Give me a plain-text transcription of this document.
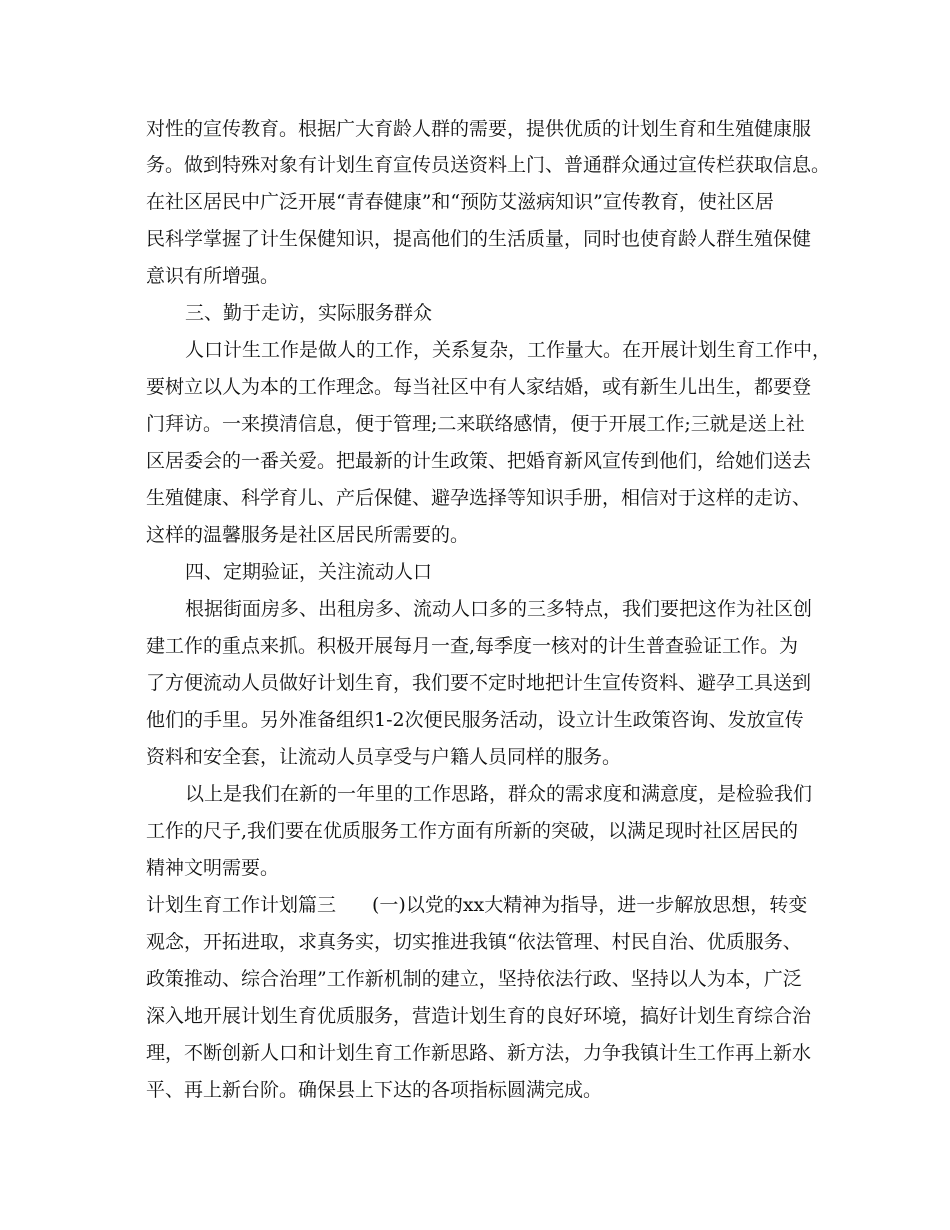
对性的宣传教育。根据广大育龄人群的需要，提供优质的计划生育和生殖健康服
务。做到特殊对象有计划生育宣传员送资料上门、普通群众通过宣传栏获取信息。
在社区居民中广泛开展“青春健康”和“预防艾滋病知识”宣传教育，使社区居
民科学掌握了计生保健知识，提高他们的生活质量，同时也使育龄人群生殖保健
意识有所增强。
三、勤于走访，实际服务群众
人口计生工作是做人的工作，关系复杂，工作量大。在开展计划生育工作中，
要树立以人为本的工作理念。每当社区中有人家结婚，或有新生儿出生，都要登
门拜访。一来摸清信息，便于管理;二来联络感情，便于开展工作;三就是送上社
区居委会的一番关爱。把最新的计生政策、把婚育新风宣传到他们，给她们送去
生殖健康、科学育儿、产后保健、避孕选择等知识手册，相信对于这样的走访、
这样的温馨服务是社区居民所需要的。
四、定期验证，关注流动人口
根据街面房多、出租房多、流动人口多的三多特点，我们要把这作为社区创
建工作的重点来抓。积极开展每月一查,每季度一核对的计生普查验证工作。为
了方便流动人员做好计划生育，我们要不定时地把计生宣传资料、避孕工具送到
他们的手里。另外准备组织1-2次便民服务活动，设立计生政策咨询、发放宣传
资料和安全套，让流动人员享受与户籍人员同样的服务。
以上是我们在新的一年里的工作思路，群众的需求度和满意度，是检验我们
工作的尺子,我们要在优质服务工作方面有所新的突破，以满足现时社区居民的
精神文明需要。
计划生育工作计划篇三 (一)以党的xx大精神为指导，进一步解放思想，转变
观念，开拓进取，求真务实，切实推进我镇“依法管理、村民自治、优质服务、
政策推动、综合治理”工作新机制的建立，坚持依法行政、坚持以人为本，广泛
深入地开展计划生育优质服务，营造计划生育的良好环境，搞好计划生育综合治
理，不断创新人口和计划生育工作新思路、新方法，力争我镇计生工作再上新水
平、再上新台阶。确保县上下达的各项指标圆满完成。
